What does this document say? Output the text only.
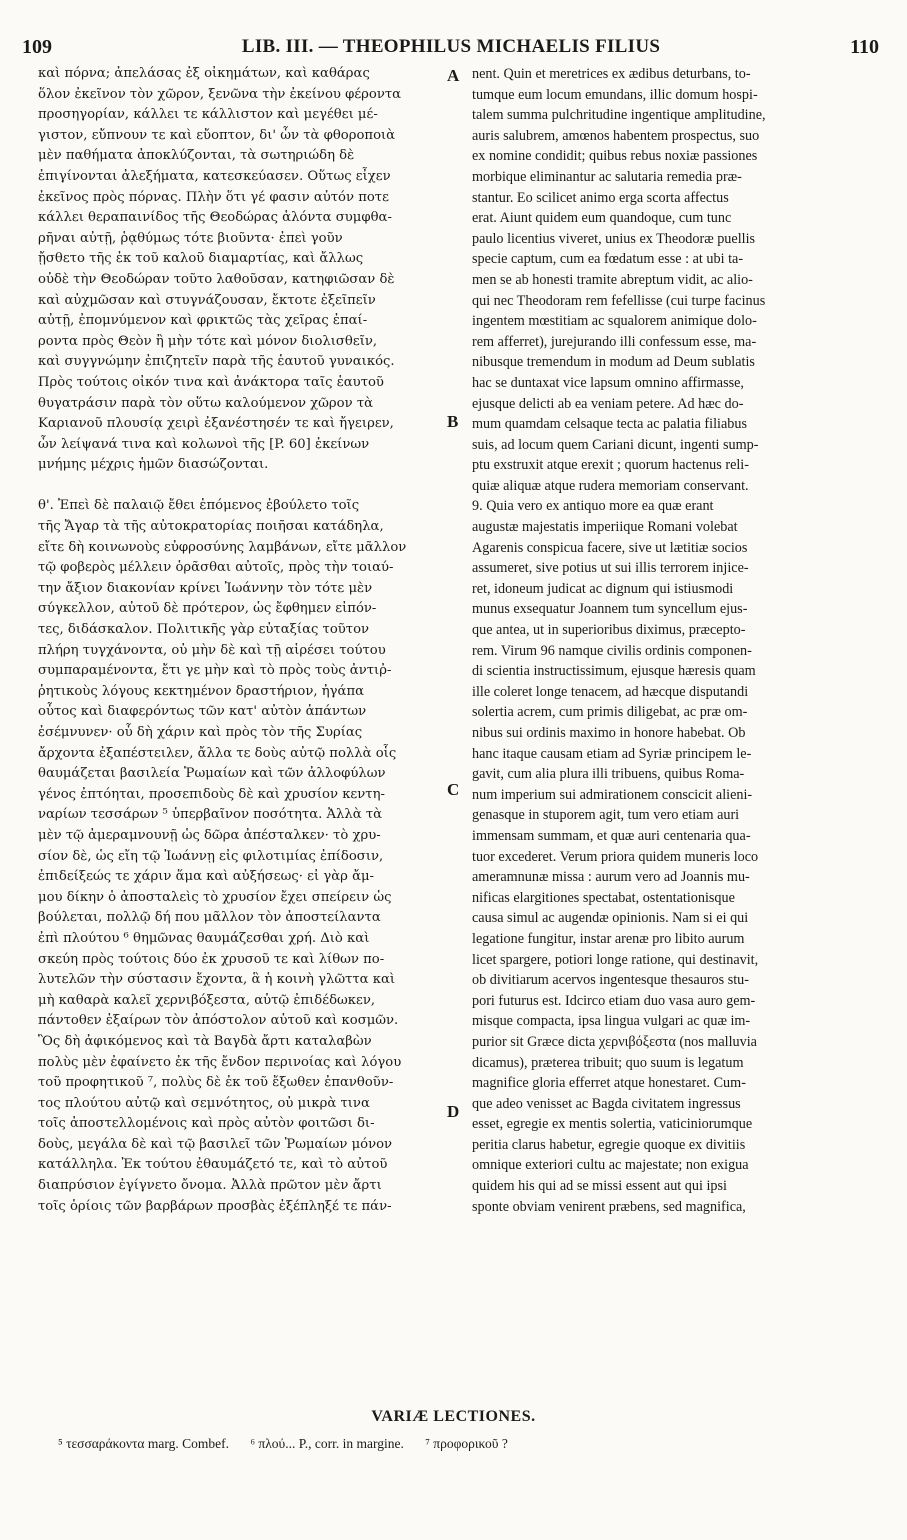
109	LIB. III. — THEOPHILUS MICHAELIS FILIUS	110
καὶ πόρνα; ἀπελάσας ἐξ οἰκημάτων, καὶ καθάρας
ὅλον ἐκεῖνον τὸν χῶρον, ξενῶνα τὴν ἐκείνου φέροντα
προσηγορίαν, κάλλει τε κάλλιστον καὶ μεγέθει μέ-
γιστον, εὔπνουν τε καὶ εὔοπτον, δι' ὧν τὰ φθοροποιὰ
μὲν παθήματα ἀποκλύζονται, τὰ σωτηριώδη δὲ
ἐπιγίνονται ἀλεξήματα, κατεσκεύασεν. Οὕτως εἶχεν
ἐκεῖνος πρὸς πόρνας. Πλὴν ὅτι γέ φασιν αὐτόν ποτε
κάλλει θεραπαινίδος τῆς Θεοδώρας ἁλόντα συμφθα-
ρῆναι αὐτῇ, ῥᾳθύμως τότε βιοῦντα· ἐπεὶ γοῦν
ᾔσθετο τῆς ἐκ τοῦ καλοῦ διαμαρτίας, καὶ ἄλλως
οὐδὲ τὴν Θεοδώραν τοῦτο λαθοῦσαν, κατηφιῶσαν δὲ
καὶ αὐχμῶσαν καὶ στυγνάζουσαν, ἔκτοτε ἐξεῖπεῖν
αὐτῇ, ἐπομνύμενον καὶ φρικτῶς τὰς χεῖρας ἐπαί-
ροντα πρὸς Θεὸν ἢ μὴν τότε καὶ μόνον διολισθεῖν,
καὶ συγγνώμην ἐπιζητεῖν παρὰ τῆς ἑαυτοῦ γυναικός.
Πρὸς τούτοις οἰκόν τινα καὶ ἀνάκτορα ταῖς ἑαυτοῦ
θυγατράσιν παρὰ τὸν οὕτω καλούμενον χῶρον τὰ
Καριανοῦ πλουσίᾳ χειρὶ ἐξανέστησέν τε καὶ ἤγειρεν,
ὧν λείψανά τινα καὶ κολωνοὶ τῆς [P. 60] ἐκείνων
μνήμης μέχρις ἡμῶν διασώζονται.
θ'. Ἐπεὶ δὲ παλαιῷ ἔθει ἑπόμενος ἐβούλετο τοῖς
τῆς Ἄγαρ τὰ τῆς αὐτοκρατορίας ποιῆσαι κατάδηλα,
εἴτε δὴ κοινωνοὺς εὐφροσύνης λαμβάνων, εἴτε μᾶλλον
τῷ φοβερὸς μέλλειν ὁρᾶσθαι αὐτοῖς, πρὸς τὴν τοιαύ-
την ἄξιον διακονίαν κρίνει Ἰωάννην τὸν τότε μὲν
σύγκελλον, αὐτοῦ δὲ πρότερον, ὡς ἔφθημεν εἰπόν-
τες, διδάσκαλον. Πολιτικῆς γὰρ εὐταξίας τοῦτον
πλήρη τυγχάνοντα, οὐ μὴν δὲ καὶ τῇ αἱρέσει τούτου
συμπαραμένοντα, ἔτι γε μὴν καὶ τὸ πρὸς τοὺς ἀντιῤ-
ῥητικοὺς λόγους κεκτημένον δραστήριον, ἠγάπα
οὗτος καὶ διαφερόντως τῶν κατ' αὐτὸν ἁπάντων
ἐσέμνυνεν· οὗ δὴ χάριν καὶ πρὸς τὸν τῆς Συρίας
ἄρχοντα ἐξαπέστειλεν, ἄλλα τε δοὺς αὐτῷ πολλὰ οἷς
θαυμάζεται βασιλεία Ῥωμαίων καὶ τῶν ἀλλοφύλων
γένος ἐπτόηται, προσεπιδοὺς δὲ καὶ χρυσίον κεντη-
ναρίων τεσσάρων ⁵ ὑπερβαῖνον ποσότητα. Ἀλλὰ τὰ
μὲν τῷ ἀμεραμνουνῇ ὡς δῶρα ἀπέσταλκεν· τὸ χρυ-
σίον δὲ, ὡς εἴη τῷ Ἰωάννῃ εἰς φιλοτιμίας ἐπίδοσιν,
ἐπιδείξεώς τε χάριν ἅμα καὶ αὐξήσεως· εἰ γὰρ ἄμ-
μου δίκην ὁ ἀποσταλεὶς τὸ χρυσίον ἔχει σπείρειν ὡς
βούλεται, πολλῷ δή που μᾶλλον τὸν ἀποστείλαντα
ἐπὶ πλούτου ⁶ θημῶνας θαυμάζεσθαι χρή. Διὸ καὶ
σκεύη πρὸς τούτοις δύο ἐκ χρυσοῦ τε καὶ λίθων πο-
λυτελῶν τὴν σύστασιν ἔχοντα, ἃ ἡ κοινὴ γλῶττα καὶ
μὴ καθαρὰ καλεῖ χερνιβόξεστα, αὐτῷ ἐπιδέδωκεν,
πάντοθεν ἐξαίρων τὸν ἀπόστολον αὐτοῦ καὶ κοσμῶν.
Ὃς δὴ ἀφικόμενος καὶ τὰ Βαγδὰ ἄρτι καταλαβὼν
πολὺς μὲν ἐφαίνετο ἐκ τῆς ἔνδον περινοίας καὶ λόγου
τοῦ προφητικοῦ ⁷, πολὺς δὲ ἐκ τοῦ ἔξωθεν ἐπανθοῦν-
τος πλούτου αὐτῷ καὶ σεμνότητος, οὐ μικρὰ τινα
τοῖς ἀποστελλομένοις καὶ πρὸς αὐτὸν φοιτῶσι δι-
δοὺς, μεγάλα δὲ καὶ τῷ βασιλεῖ τῶν Ῥωμαίων μόνον
κατάλληλα. Ἐκ τούτου ἐθαυμάζετό τε, καὶ τὸ αὐτοῦ
διαπρύσιον ἐγίγνετο ὄνομα. Ἀλλὰ πρῶτον μὲν ἄρτι
τοῖς ὁρίοις τῶν βαρβάρων προσβὰς ἐξέπληξέ τε πάν-
nent. Quin et meretrices ex ædibus deturbans, to-
tumque eum locum emundans, illic domum hospi-
talem summa pulchritudine ingentique amplitudine,
auris salubrem, amœnos habentem prospectus, suo
ex nomine condidit; quibus rebus noxiæ passiones
morbique eliminantur ac salutaria remedia præ-
stantur. Eo scilicet animo erga scorta affectus
erat. Aiunt quidem eum quandoque, cum tunc
paulo licentius viveret, unius ex Theodoræ puellis
specie captum, cum ea fœdatum esse : at ubi ta-
men se ab honesti tramite abreptum vidit, ac alio-
qui nec Theodoram rem fefellisse (cui turpe facinus
ingentem mœstitiam ac squalorem animique dolo-
rem afferret), jurejurando illi confessum esse, ma-
nibusque tremendum in modum ad Deum sublatis
hac se duntaxat vice lapsum omnino affirmasse,
ejusque delicti ab ea veniam petere. Ad hæc do-
mum quamdam celsaque tecta ac palatia filiabus
suis, ad locum quem Cariani dicunt, ingenti sump-
ptu exstruxit atque erexit ; quorum hactenus reli-
quiæ aliquæ atque rudera memoriam conservant.
9. Quia vero ex antiquo more ea quæ erant
augustæ majestatis imperiique Romani volebat
Agarenis conspicua facere, sive ut lætitiæ socios
assumeret, sive potius ut sui illis terrorem injice-
ret, idoneum judicat ac dignum qui istiusmodi
munus exsequatur Joannem tum syncellum ejus-
que antea, ut in superioribus diximus, præcepto-
rem. Virum 96 namque civilis ordinis componen-
di scientia instructissimum, ejusque hæresis quam
ille coleret longe tenacem, ad hæcque disputandi
solertia acrem, cum primis diligebat, ac præ om-
nibus sui ordinis maximo in honore habebat. Ob
hanc itaque causam etiam ad Syriæ principem le-
gavit, cum alia plura illi tribuens, quibus Roma-
num imperium sui admirationem conscicit alieni-
genasque in stuporem agit, tum vero etiam auri
immensam summam, et quæ auri centenaria qua-
tuor excederet. Verum priora quidem muneris loco
ameramnunæ missa : aurum vero ad Joannis mu-
nificas elargitiones spectabat, ostentationisque
causa simul ac augendæ opinionis. Nam si ei qui
legatione fungitur, instar arenæ pro libito aurum
licet spargere, potiori longe ratione, qui destinavit,
ob divitiarum acervos ingentesque thesauros stu-
pori futurus est. Idcirco etiam duo vasa auro gem-
misque compacta, ipsa lingua vulgari ac quæ im-
purior sit Græce dicta χερνιβόξεστα (nos malluvia
dicamus), præterea tribuit; quo suum is legatum
magnifice gloria efferret atque honestaret. Cum-
que adeo venisset ac Bagda civitatem ingressus
esset, egregie ex mentis solertia, vaticiniorumque
peritia clarus habetur, egregie quoque ex divitiis
omnique exteriori cultu ac majestate; non exigua
quidem his qui ad se missi essent aut qui ipsi
sponte obviam venirent præbens, sed magnifica,
A
B
C
D
VARIÆ LECTIONES.
⁵ τεσσαράκοντα marg. Combef. ⁶ πλού... P., corr. in margine. ⁷ προφορικοῦ ?
